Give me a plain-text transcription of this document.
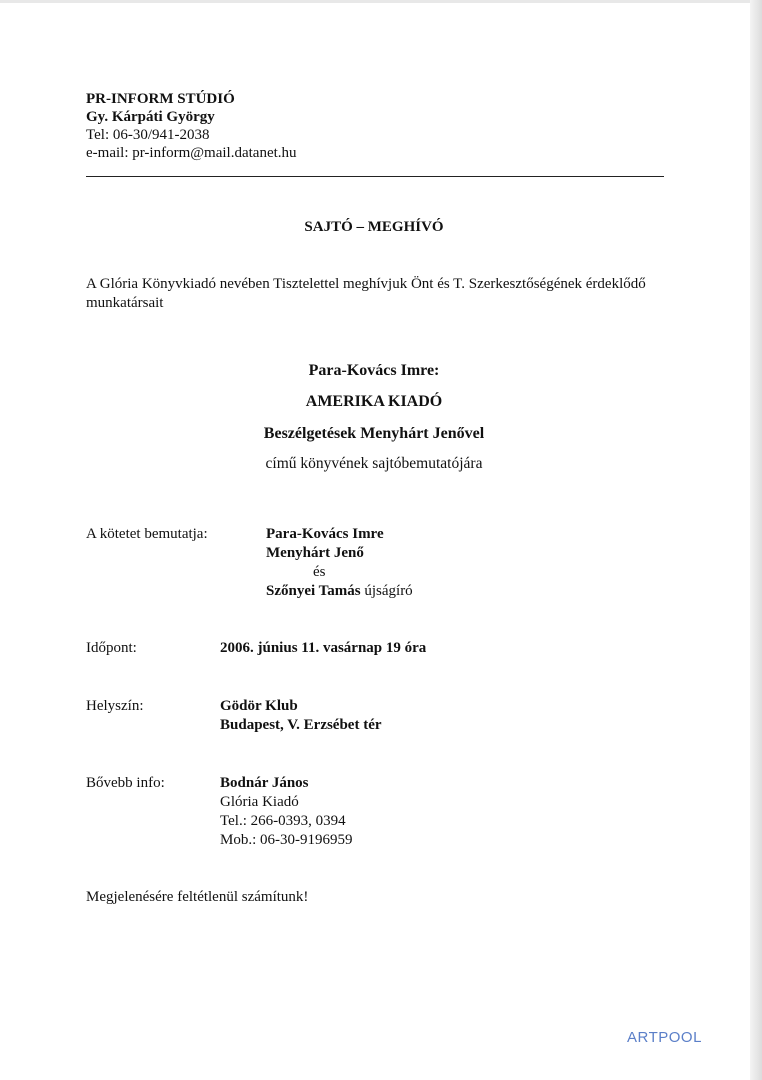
PR-INFORM STÚDIÓ
Gy. Kárpáti György
Tel: 06-30/941-2038
e-mail: pr-inform@mail.datanet.hu
SAJTÓ – MEGHÍVÓ
A Glória Könyvkiadó nevében Tisztelettel meghívjuk Önt és T. Szerkesztőségének érdeklődő munkatársait
Para-Kovács Imre:
AMERIKA KIADÓ
Beszélgetések Menyhárt Jenővel
című könyvének sajtóbemutatójára
A kötetet bemutatja:	Para-Kovács Imre
Menyhárt Jenő
és
Szőnyei Tamás újságíró
Időpont:	2006. június 11. vasárnap 19 óra
Helyszín:	Gödör Klub
Budapest, V. Erzsébet tér
Bővebb info:	Bodnár János
Glória Kiadó
Tel.: 266-0393, 0394
Mob.: 06-30-9196959
Megjelenésére feltétlenül számítunk!
ARTPOOL
